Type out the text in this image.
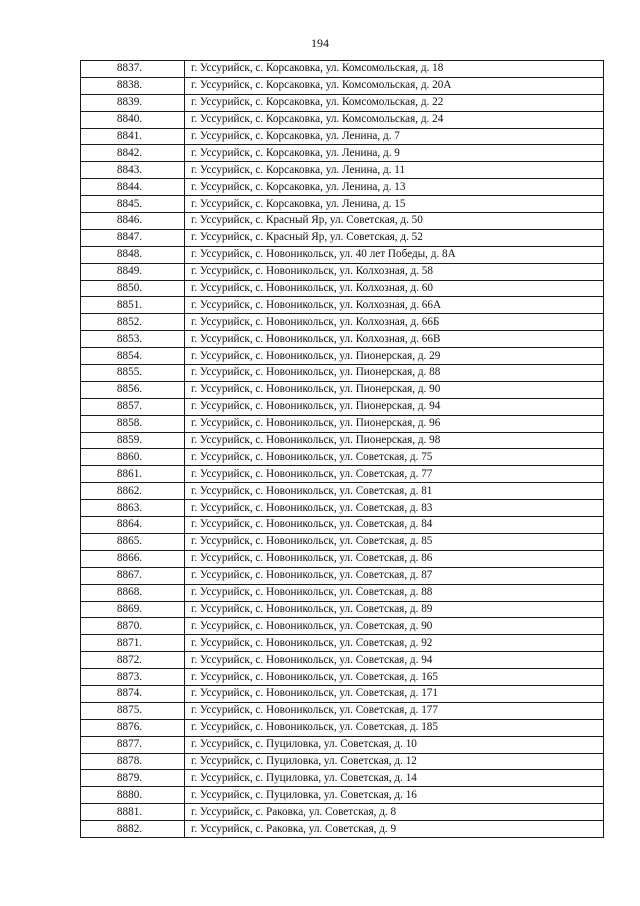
194
8837.	г. Уссурийск, с. Корсаковка, ул. Комсомольская, д. 18
8838.	г. Уссурийск, с. Корсаковка, ул. Комсомольская, д. 20А
8839.	г. Уссурийск, с. Корсаковка, ул. Комсомольская, д. 22
8840.	г. Уссурийск, с. Корсаковка, ул. Комсомольская, д. 24
8841.	г. Уссурийск, с. Корсаковка, ул. Ленина, д. 7
8842.	г. Уссурийск, с. Корсаковка, ул. Ленина, д. 9
8843.	г. Уссурийск, с. Корсаковка, ул. Ленина, д. 11
8844.	г. Уссурийск, с. Корсаковка, ул. Ленина, д. 13
8845.	г. Уссурийск, с. Корсаковка, ул. Ленина, д. 15
8846.	г. Уссурийск, с. Красный Яр, ул. Советская, д. 50
8847.	г. Уссурийск, с. Красный Яр, ул. Советская, д. 52
8848.	г. Уссурийск, с. Новоникольск, ул. 40 лет Победы, д. 8А
8849.	г. Уссурийск, с. Новоникольск, ул. Колхозная, д. 58
8850.	г. Уссурийск, с. Новоникольск, ул. Колхозная, д. 60
8851.	г. Уссурийск, с. Новоникольск, ул. Колхозная, д. 66А
8852.	г. Уссурийск, с. Новоникольск, ул. Колхозная, д. 66Б
8853.	г. Уссурийск, с. Новоникольск, ул. Колхозная, д. 66В
8854.	г. Уссурийск, с. Новоникольск, ул. Пионерская, д. 29
8855.	г. Уссурийск, с. Новоникольск, ул. Пионерская, д. 88
8856.	г. Уссурийск, с. Новоникольск, ул. Пионерская, д. 90
8857.	г. Уссурийск, с. Новоникольск, ул. Пионерская, д. 94
8858.	г. Уссурийск, с. Новоникольск, ул. Пионерская, д. 96
8859.	г. Уссурийск, с. Новоникольск, ул. Пионерская, д. 98
8860.	г. Уссурийск, с. Новоникольск, ул. Советская, д. 75
8861.	г. Уссурийск, с. Новоникольск, ул. Советская, д. 77
8862.	г. Уссурийск, с. Новоникольск, ул. Советская, д. 81
8863.	г. Уссурийск, с. Новоникольск, ул. Советская, д. 83
8864.	г. Уссурийск, с. Новоникольск, ул. Советская, д. 84
8865.	г. Уссурийск, с. Новоникольск, ул. Советская, д. 85
8866.	г. Уссурийск, с. Новоникольск, ул. Советская, д. 86
8867.	г. Уссурийск, с. Новоникольск, ул. Советская, д. 87
8868.	г. Уссурийск, с. Новоникольск, ул. Советская, д. 88
8869.	г. Уссурийск, с. Новоникольск, ул. Советская, д. 89
8870.	г. Уссурийск, с. Новоникольск, ул. Советская, д. 90
8871.	г. Уссурийск, с. Новоникольск, ул. Советская, д. 92
8872.	г. Уссурийск, с. Новоникольск, ул. Советская, д. 94
8873.	г. Уссурийск, с. Новоникольск, ул. Советская, д. 165
8874.	г. Уссурийск, с. Новоникольск, ул. Советская, д. 171
8875.	г. Уссурийск, с. Новоникольск, ул. Советская, д. 177
8876.	г. Уссурийск, с. Новоникольск, ул. Советская, д. 185
8877.	г. Уссурийск, с. Пуциловка, ул. Советская, д. 10
8878.	г. Уссурийск, с. Пуциловка, ул. Советская, д. 12
8879.	г. Уссурийск, с. Пуциловка, ул. Советская, д. 14
8880.	г. Уссурийск, с. Пуциловка, ул. Советская, д. 16
8881.	г. Уссурийск, с. Раковка, ул. Советская, д. 8
8882.	г. Уссурийск, с. Раковка, ул. Советская, д. 9
